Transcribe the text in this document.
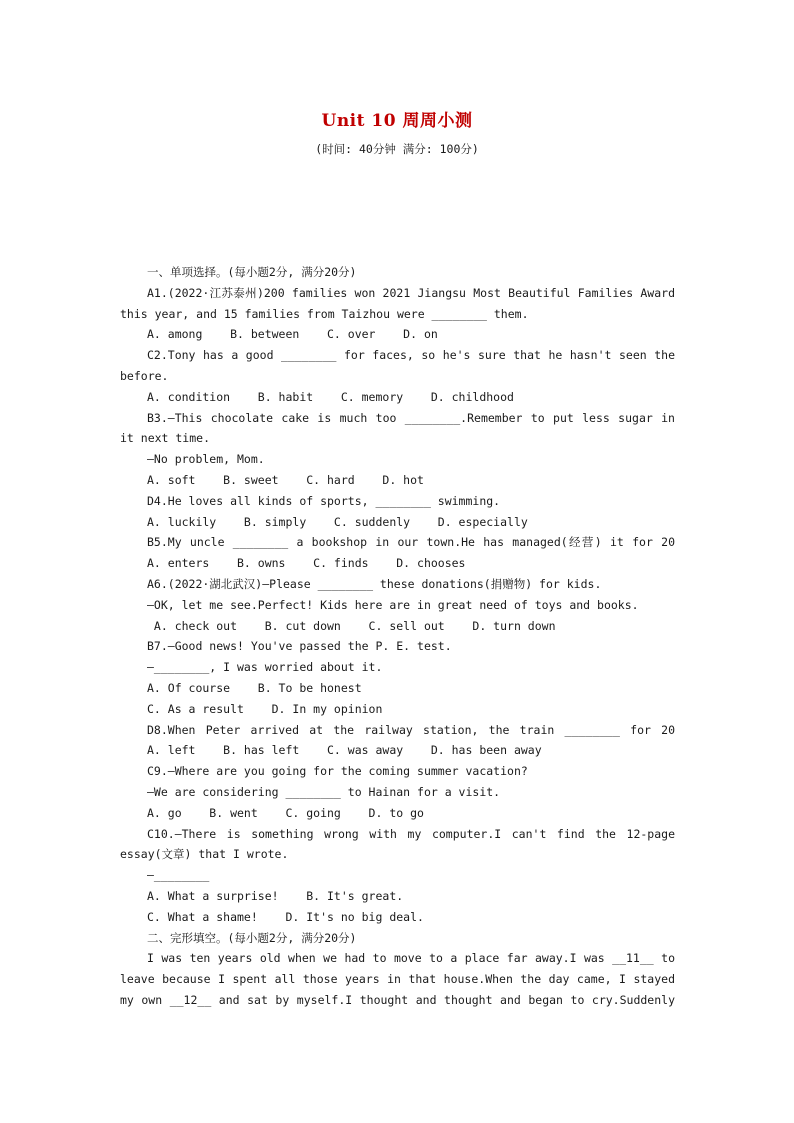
Unit 10 周周小测
(时间: 40分钟 满分: 100分)
一、单项选择。(每小题2分, 满分20分)
A1.(2022·江苏泰州)200 families won 2021 Jiangsu Most Beautiful Families Award
this year, and 15 families from Taizhou were ________ them.
A. among    B. between    C. over    D. on
C2.Tony has a good ________ for faces, so he's sure that he hasn't seen the
before.
A. condition    B. habit    C. memory    D. childhood
B3.—This chocolate cake is much too ________.Remember to put less sugar in
it next time.
—No problem, Mom.
A. soft    B. sweet    C. hard    D. hot
D4.He loves all kinds of sports, ________ swimming.
A. luckily    B. simply    C. suddenly    D. especially
B5.My uncle ________ a bookshop in our town.He has managed(经营) it for 20
A. enters    B. owns    C. finds    D. chooses
A6.(2022·湖北武汉)—Please ________ these donations(捐赠物) for kids.
—OK, let me see.Perfect! Kids here are in great need of toys and books.
A. check out    B. cut down    C. sell out    D. turn down
B7.—Good news! You've passed the P. E. test.
—________, I was worried about it.
A. Of course    B. To be honest
C. As a result    D. In my opinion
D8.When Peter arrived at the railway station, the train ________ for 20
A. left    B. has left    C. was away    D. has been away
C9.—Where are you going for the coming summer vacation?
—We are considering ________ to Hainan for a visit.
A. go    B. went    C. going    D. to go
C10.—There is something wrong with my computer.I can't find the 12-page
essay(文章) that I wrote.
—________
A. What a surprise!    B. It's great.
C. What a shame!    D. It's no big deal.
二、完形填空。(每小题2分, 满分20分)
I was ten years old when we had to move to a place far away.I was __11__ to
leave because I spent all those years in that house.When the day came, I stayed
my own __12__ and sat by myself.I thought and thought and began to cry.Suddenly
